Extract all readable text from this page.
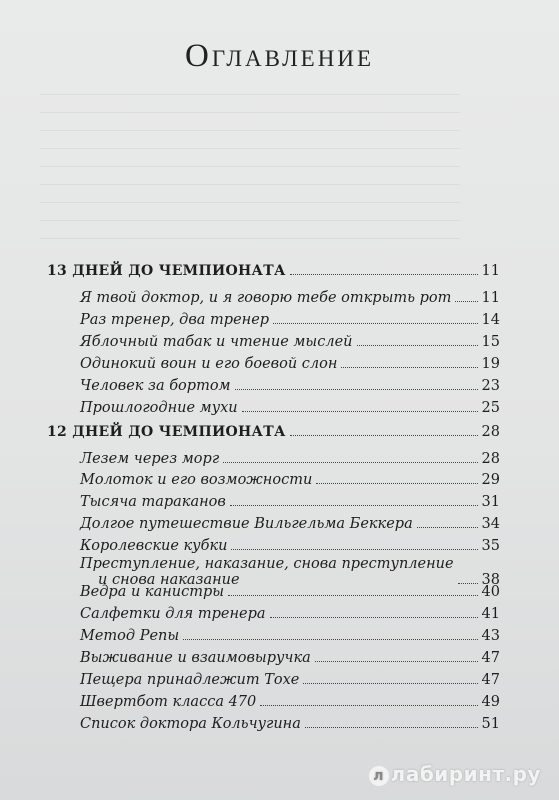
Оглавление
13 ДНЕЙ ДО ЧЕМПИОНАТА	11
Я твой доктор, и я говорю тебе открыть рот 11
Раз тренер, два тренер	14
Яблочный табак и чтение мыслей	15
Одинокий воин и его боевой слон	19
Человек за бортом	23
Прошлогодние мухи	25
12 ДНЕЙ ДО ЧЕМПИОНАТА	28
Лезем через морг	28
Молоток и его возможности	29
Тысяча тараканов	31
Долгое путешествие Вильгельма Беккера	34
Королевские кубки	35
Преступление, наказание, снова преступление
и снова наказание	38
Ведра и канистры	40
Салфетки для тренера	41
Метод Репы	43
Выживание и взаимовыручка	47
Пещера принадлежит Тохе	47
Швертбот класса 470	49
Список доктора Кольчугина	51
л лабиринт.ру
